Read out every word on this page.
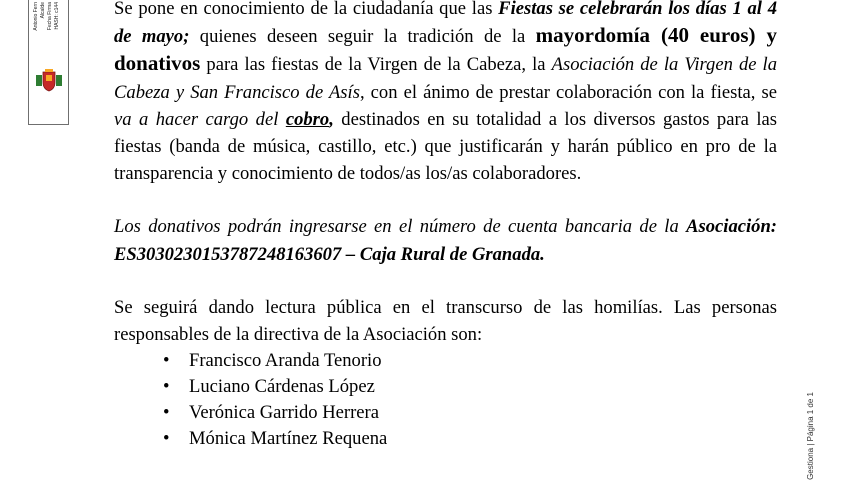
Antonio Fern Alcalde Fecha Firma HASH: c144
Gestiona | Página 1 de 1

Se pone en conocimiento de la ciudadanía que las Fiestas se celebrarán los días 1 al 4 de mayo; quienes deseen seguir la tradición de la mayordomía (40 euros) y donativos para las fiestas de la Virgen de la Cabeza, la Asociación de la Virgen de la Cabeza y San Francisco de Asís, con el ánimo de prestar colaboración con la fiesta, se va a hacer cargo del cobro, destinados en su totalidad a los diversos gastos para las fiestas (banda de música, castillo, etc.) que justificarán y harán público en pro de la transparencia y conocimiento de todos/as los/as colaboradores.

Los donativos podrán ingresarse en el número de cuenta bancaria de la Asociación: ES3030230153787248163607 – Caja Rural de Granada.

Se seguirá dando lectura pública en el transcurso de las homilías. Las personas responsables de la directiva de la Asociación son:

• Francisco Aranda Tenorio
• Luciano Cárdenas López
• Verónica Garrido Herrera
• Mónica Martínez Requena
